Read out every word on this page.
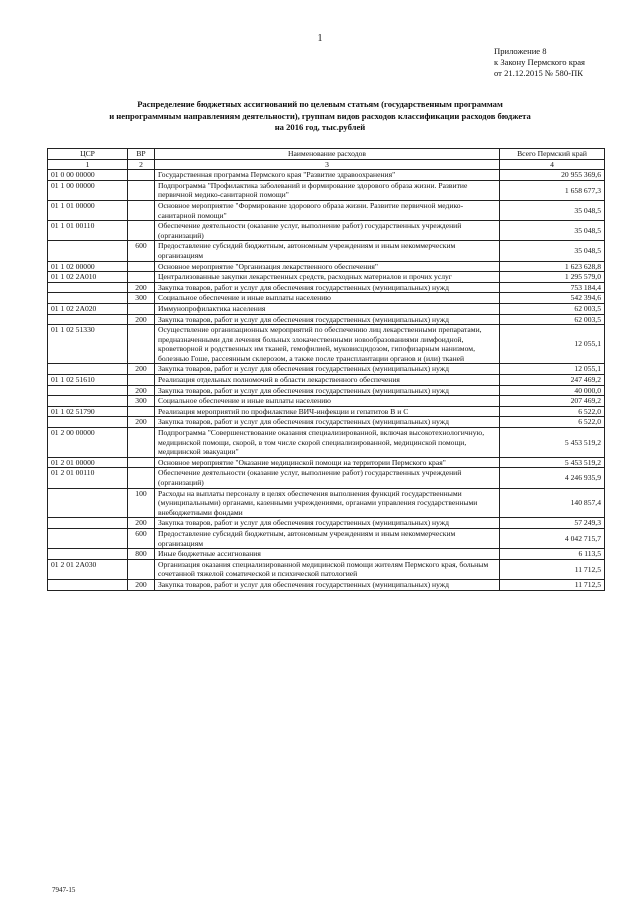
1
Приложение 8
к Закону Пермского края
от 21.12.2015 № 580-ПК
Распределение бюджетных ассигнований по целевым статьям (государственным программам
и непрограммным направлениям деятельности), группам видов расходов классификации расходов бюджета
на 2016 год, тыс.рублей
ЦСР	ВР	Наименование расходов	Всего Пермский край
1	2	3	4
01 0 00 00000		Государственная программа Пермского края "Развитие здравоохранения"	20 955 369,6
01 1 00 00000		Подпрограмма "Профилактика заболеваний и формирование здорового образа жизни. Развитие первичной медико-санитарной помощи"	1 658 677,3
01 1 01 00000		Основное мероприятие "Формирование здорового образа жизни. Развитие первичной медико-санитарной помощи"	35 048,5
01 1 01 00110		Обеспечение деятельности (оказание услуг, выполнение работ) государственных учреждений (организаций)	35 048,5
	600	Предоставление субсидий бюджетным, автономным учреждениям и иным некоммерческим организациям	35 048,5
01 1 02 00000		Основное мероприятие "Организация лекарственного обеспечения"	1 623 628,8
01 1 02 2А010		Централизованные закупки лекарственных средств, расходных материалов и прочих услуг	1 295 579,0
	200	Закупка товаров, работ и услуг для обеспечения государственных (муниципальных) нужд	753 184,4
	300	Социальное обеспечение и иные выплаты населению	542 394,6
01 1 02 2А020		Иммунопрофилактика населения	62 003,5
	200	Закупка товаров, работ и услуг для обеспечения государственных (муниципальных) нужд	62 003,5
01 1 02 51330		Осуществление организационных мероприятий по обеспечению лиц лекарственными препаратами, предназначенными для лечения больных злокачественными новообразованиями лимфоидной, кроветворной и родственных им тканей, гемофилией, муковисцидозом, гипофизарным нанизмом, болезнью Гоше, рассеянным склерозом, а также после трансплантации органов и (или) тканей	12 055,1
	200	Закупка товаров, работ и услуг для обеспечения государственных (муниципальных) нужд	12 055,1
01 1 02 51610		Реализация отдельных полномочий в области лекарственного обеспечения	247 469,2
	200	Закупка товаров, работ и услуг для обеспечения государственных (муниципальных) нужд	40 000,0
	300	Социальное обеспечение и иные выплаты населению	207 469,2
01 1 02 51790		Реализация мероприятий по профилактике ВИЧ-инфекции и гепатитов В и С	6 522,0
	200	Закупка товаров, работ и услуг для обеспечения государственных (муниципальных) нужд	6 522,0
01 2 00 00000		Подпрограмма "Совершенствование оказания специализированной, включая высокотехнологичную, медицинской помощи, скорой, в том числе скорой специализированной, медицинской помощи, медицинской эвакуации"	5 453 519,2
01 2 01 00000		Основное мероприятие "Оказание медицинской помощи на территории Пермского края"	5 453 519,2
01 2 01 00110		Обеспечение деятельности (оказание услуг, выполнение работ) государственных учреждений (организаций)	4 246 935,9
	100	Расходы на выплаты персоналу в целях обеспечения выполнения функций государственными (муниципальными) органами, казенными учреждениями, органами управления государственными внебюджетными фондами	140 857,4
	200	Закупка товаров, работ и услуг для обеспечения государственных (муниципальных) нужд	57 249,3
	600	Предоставление субсидий бюджетным, автономным учреждениям и иным некоммерческим организациям	4 042 715,7
	800	Иные бюджетные ассигнования	6 113,5
01 2 01 2А030		Организация оказания специализированной медицинской помощи жителям Пермского края, больным сочетанной тяжелой соматической и психической патологией	11 712,5
	200	Закупка товаров, работ и услуг для обеспечения государственных (муниципальных) нужд	11 712,5
7947-15
